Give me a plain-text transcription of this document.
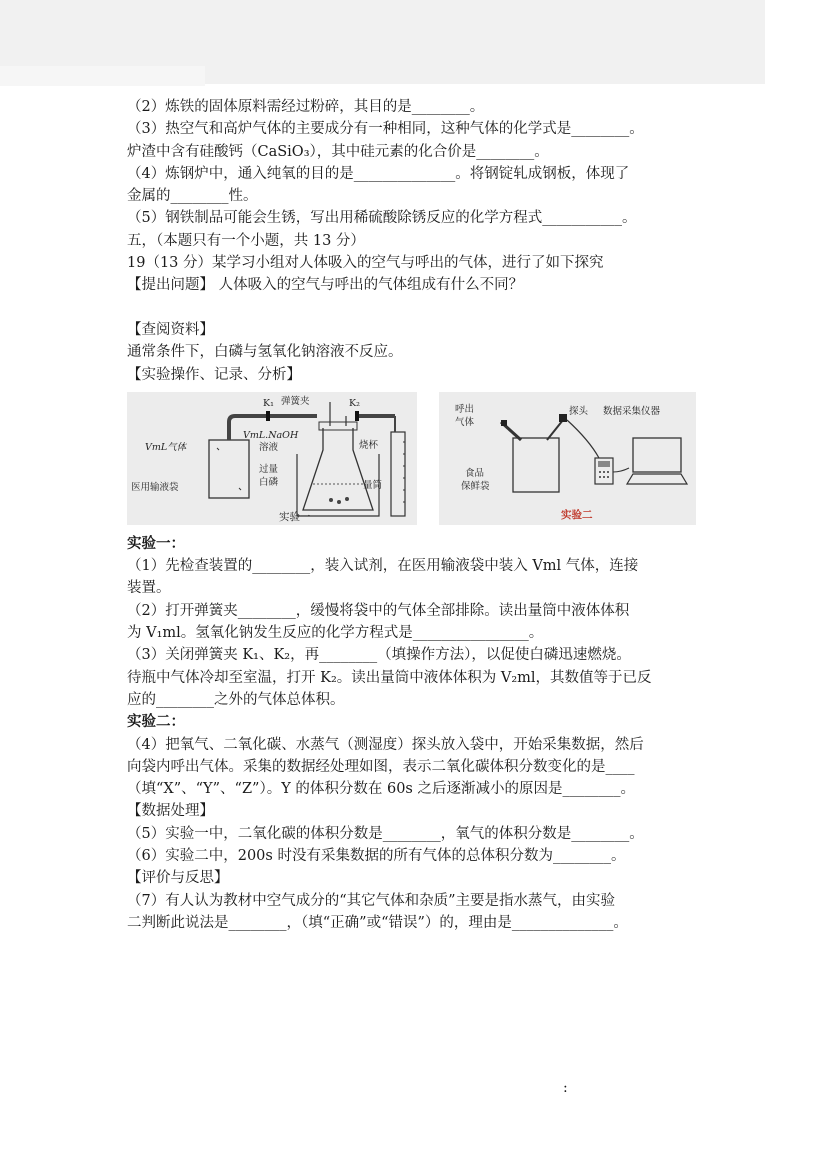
（2）炼铁的固体原料需经过粉碎，其目的是________。
（3）热空气和高炉气体的主要成分有一种相同，这种气体的化学式是________。
炉渣中含有硅酸钙（CaSiO₃），其中硅元素的化合价是________。
（4）炼钢炉中，通入纯氧的目的是______________。将钢锭轧成钢板，体现了
金属的________性。
（5）钢铁制品可能会生锈，写出用稀硫酸除锈反应的化学方程式___________。
五，（本题只有一个小题，共 13 分）
19（13 分）某学习小组对人体吸入的空气与呼出的气体，进行了如下探究
【提出问题】 人体吸入的空气与呼出的气体组成有什么不同？
【查阅资料】
通常条件下，白磷与氢氧化钠溶液不反应。
【实验操作、记录、分析】
K₁ 弹簧夹	K₂
VmL气体
VmL.NaOH
溶液	烧杯
过量
白磷
医用输液袋	量筒
实验一
呼出
气体
探头 数据采集仪器
食品
保鲜袋
实验二
实验一：
（1）先检查装置的________，装入试剂，在医用输液袋中装入 Vml 气体，连接
装置。
（2）打开弹簧夹________，缓慢将袋中的气体全部排除。读出量筒中液体体积
为 V₁ml。氢氧化钠发生反应的化学方程式是________________。
（3）关闭弹簧夹 K₁、K₂，再________（填操作方法），以促使白磷迅速燃烧。
待瓶中气体冷却至室温，打开 K₂。读出量筒中液体体积为 V₂ml，其数值等于已反
应的________之外的气体总体积。
实验二：
（4）把氧气、二氧化碳、水蒸气（测湿度）探头放入袋中，开始采集数据，然后
向袋内呼出气体。采集的数据经处理如图，表示二氧化碳体积分数变化的是____
（填“X”、“Y”、“Z”）。Y 的体积分数在 60s 之后逐渐减小的原因是________。
【数据处理】
（5）实验一中，二氧化碳的体积分数是________，氧气的体积分数是________。
（6）实验二中，200s 时没有采集数据的所有气体的总体积分数为________。
【评价与反思】
（7）有人认为教材中空气成分的“其它气体和杂质”主要是指水蒸气，由实验
二判断此说法是________，（填“正确”或“错误”）的，理由是______________。
:
